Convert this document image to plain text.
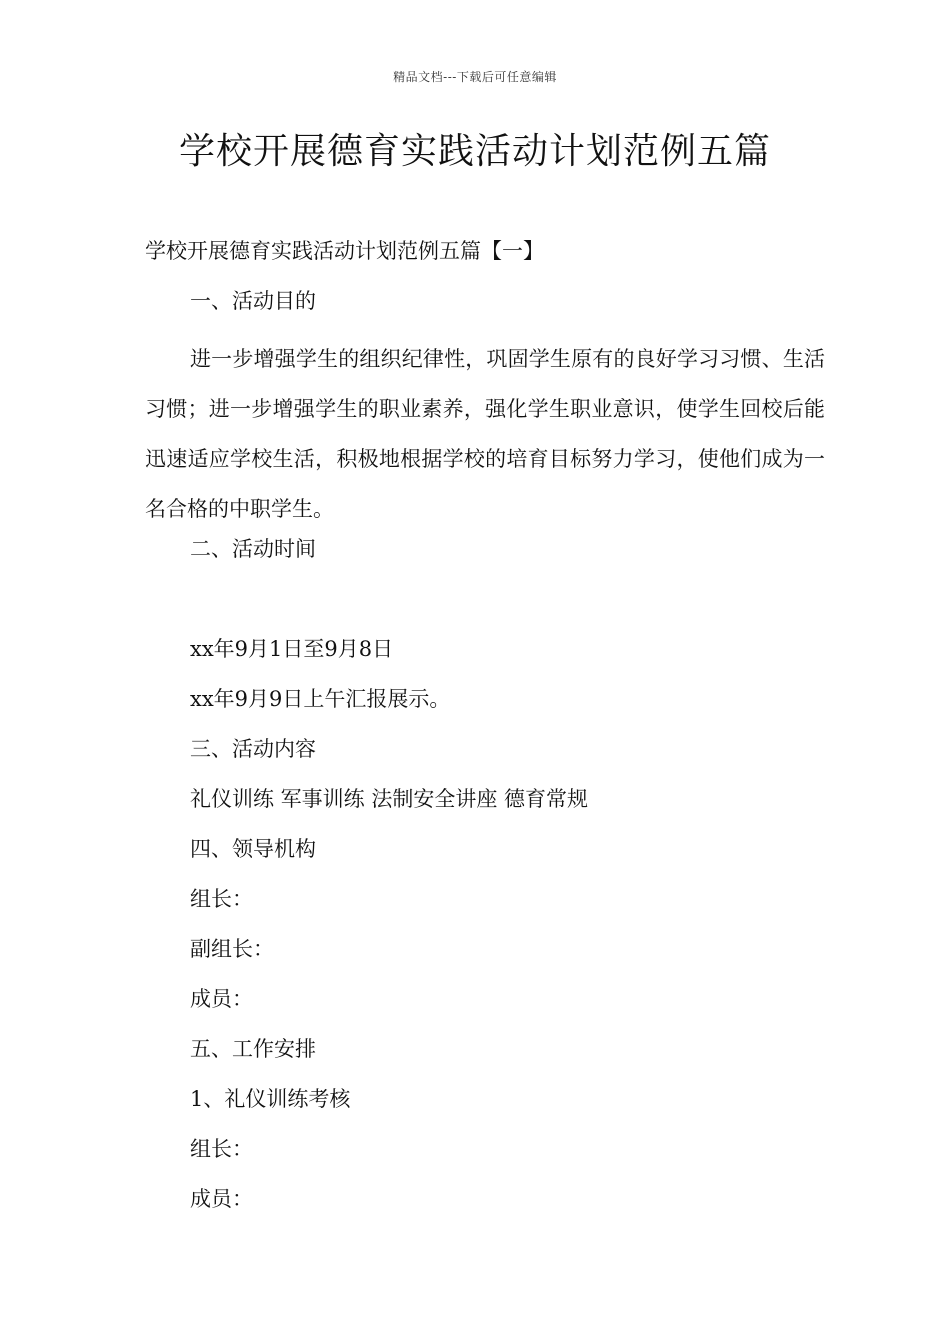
精品文档---下载后可任意编辑
学校开展德育实践活动计划范例五篇

学校开展德育实践活动计划范例五篇【一】

一、活动目的

进一步增强学生的组织纪律性，巩固学生原有的良好学习习惯、生活习惯；进一步增强学生的职业素养，强化学生职业意识，使学生回校后能迅速适应学校生活，积极地根据学校的培育目标努力学习，使他们成为一名合格的中职学生。

二、活动时间

xx年9月1日至9月8日

xx年9月9日上午汇报展示。

三、活动内容

礼仪训练 军事训练 法制安全讲座 德育常规

四、领导机构

组长：

副组长：

成员：

五、工作安排

1、礼仪训练考核

组长：

成员：
